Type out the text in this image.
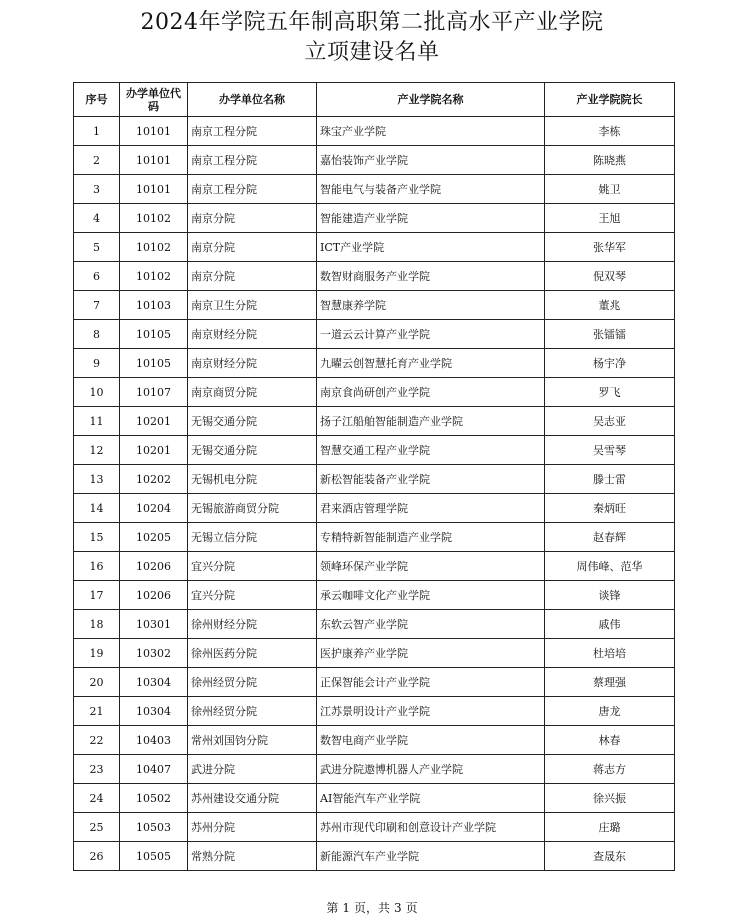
2024年学院五年制高职第二批高水平产业学院
立项建设名单
序号	办学单位代码	办学单位名称	产业学院名称	产业学院院长
1	10101	南京工程分院	珠宝产业学院	李栋
2	10101	南京工程分院	嘉怡装饰产业学院	陈晓燕
3	10101	南京工程分院	智能电气与装备产业学院	姚卫
4	10102	南京分院	智能建造产业学院	王旭
5	10102	南京分院	ICT产业学院	张华军
6	10102	南京分院	数智财商服务产业学院	倪双琴
7	10103	南京卫生分院	智慧康养学院	董兆
8	10105	南京财经分院	一道云云计算产业学院	张镭镭
9	10105	南京财经分院	九曜云创智慧托育产业学院	杨宇净
10	10107	南京商贸分院	南京食尚研创产业学院	罗飞
11	10201	无锡交通分院	扬子江船舶智能制造产业学院	吴志亚
12	10201	无锡交通分院	智慧交通工程产业学院	吴雪琴
13	10202	无锡机电分院	新松智能装备产业学院	滕士雷
14	10204	无锡旅游商贸分院	君来酒店管理学院	秦炳旺
15	10205	无锡立信分院	专精特新智能制造产业学院	赵春辉
16	10206	宜兴分院	领峰环保产业学院	周伟峰、范华
17	10206	宜兴分院	承云咖啡文化产业学院	谈锋
18	10301	徐州财经分院	东软云智产业学院	戚伟
19	10302	徐州医药分院	医护康养产业学院	杜培培
20	10304	徐州经贸分院	正保智能会计产业学院	蔡理强
21	10304	徐州经贸分院	江苏景明设计产业学院	唐龙
22	10403	常州刘国钧分院	数智电商产业学院	林春
23	10407	武进分院	武进分院遨博机器人产业学院	蒋志方
24	10502	苏州建设交通分院	AI智能汽车产业学院	徐兴振
25	10503	苏州分院	苏州市现代印刷和创意设计产业学院	庄璐
26	10505	常熟分院	新能源汽车产业学院	查晟东
第 1 页，共 3 页
